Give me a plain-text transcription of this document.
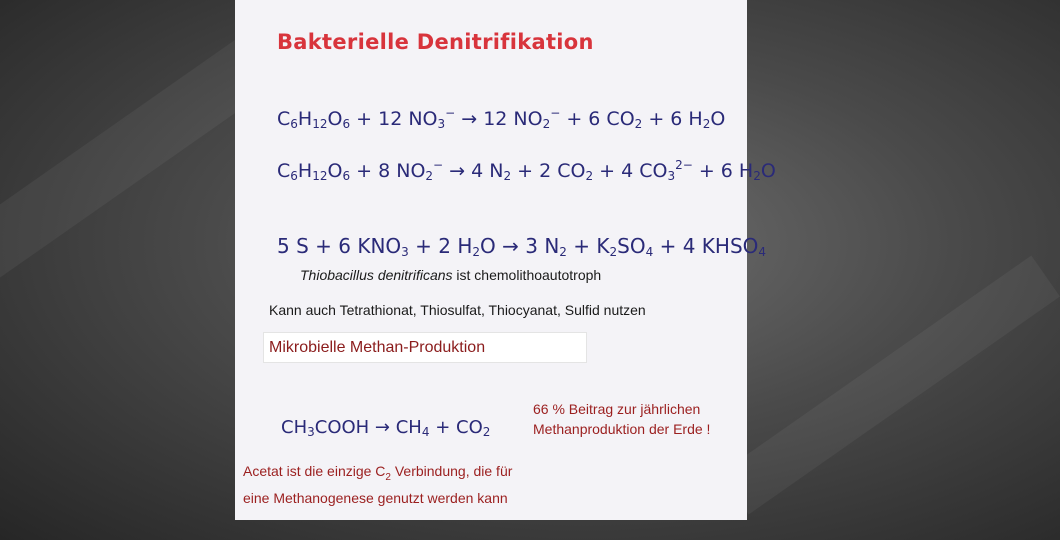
Bakterielle Denitrifikation
$C_6H_{12}O_6 + 12$ $NO_3^- \to 12$ $NO_2^- + 6$ $CO_2 + 6$ $H_2O$
$C_6H_{12}O_6 + 8$ $NO_2^- \to 4$ $N_2 + 2$ $CO_2 + 4$ $CO_3^{2-} + 6$ $H_2O$
5 S + 6 $KNO_3 + 2$ $H_2O \to 3$ $N_2 + K_2SO_4 + 4$ $KHSO_4$
Thiobacillus denitrificans ist chemolithoautotroph
Kann auch Tetrathionat, Thiosulfat, Thiocyanat, Sulfid nutzen
Mikrobielle Methan-Produktion
66 % Beitrag zur jährlichen
Methanproduktion der Erde !
$CH_3COOH \to CH_4 + CO_2$
Acetat ist die einzige $C_2$ Verbindung, die für
eine Methanogenese genutzt werden kann
